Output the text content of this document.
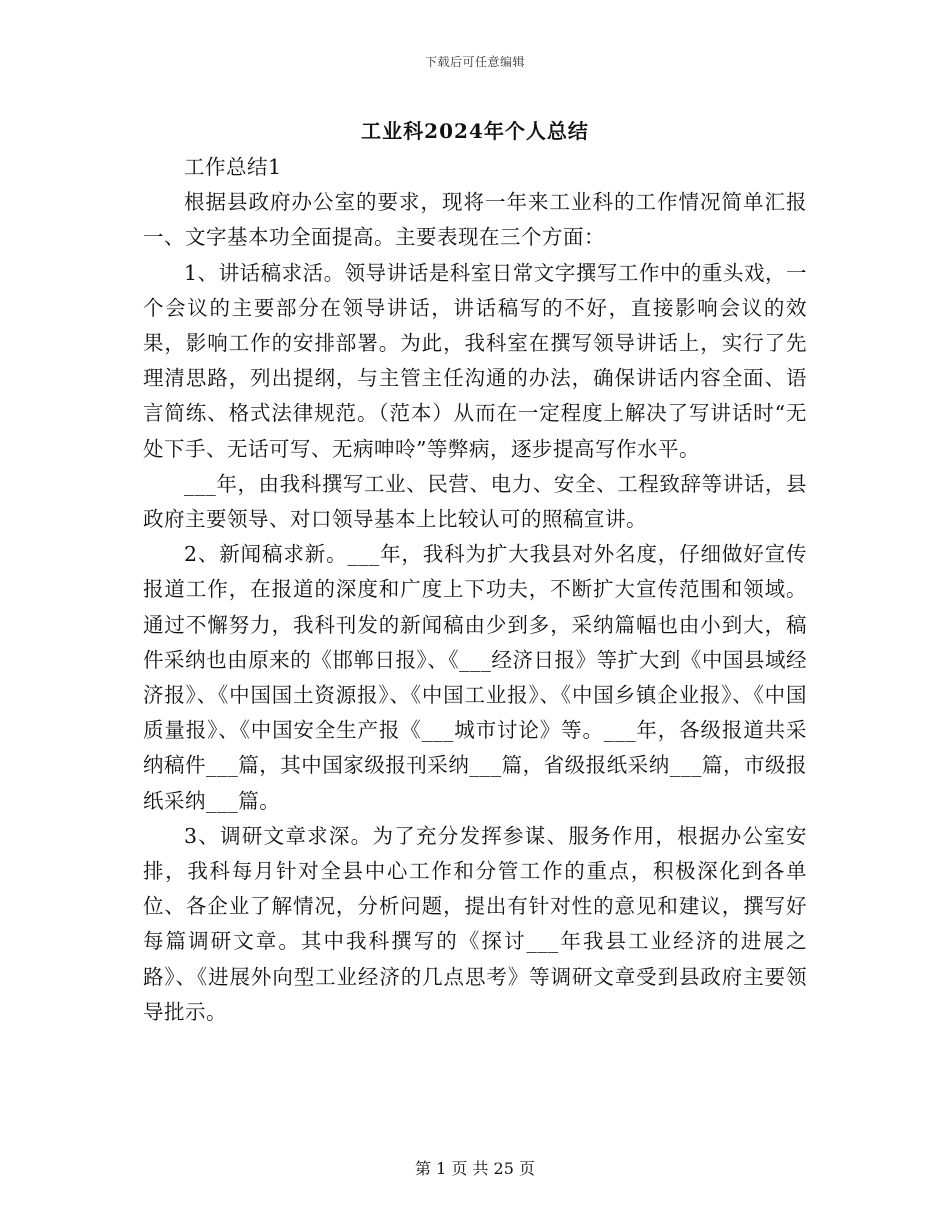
下载后可任意编辑
工业科2024年个人总结

工作总结1

根据县政府办公室的要求，现将一年来工业科的工作情况简单汇报一、文字基本功全面提高。主要表现在三个方面：

1、讲话稿求活。领导讲话是科室日常文字撰写工作中的重头戏，一个会议的主要部分在领导讲话，讲话稿写的不好，直接影响会议的效果，影响工作的安排部署。为此，我科室在撰写领导讲话上，实行了先理清思路，列出提纲，与主管主任沟通的办法，确保讲话内容全面、语言简练、格式法律规范。（范本）从而在一定程度上解决了写讲话时“无处下手、无话可写、无病呻呤”等弊病，逐步提高写作水平。

___年，由我科撰写工业、民营、电力、安全、工程致辞等讲话，县政府主要领导、对口领导基本上比较认可的照稿宣讲。

2、新闻稿求新。___年，我科为扩大我县对外名度，仔细做好宣传报道工作，在报道的深度和广度上下功夫，不断扩大宣传范围和领域。通过不懈努力，我科刊发的新闻稿由少到多，采纳篇幅也由小到大，稿件采纳也由原来的《邯郸日报》、《___经济日报》等扩大到《中国县域经济报》、《中国国土资源报》、《中国工业报》、《中国乡镇企业报》、《中国质量报》、《中国安全生产报《___城市讨论》等。___年，各级报道共采纳稿件___篇，其中国家级报刊采纳___篇，省级报纸采纳___篇，市级报纸采纳___篇。

3、调研文章求深。为了充分发挥参谋、服务作用，根据办公室安排，我科每月针对全县中心工作和分管工作的重点，积极深化到各单位、各企业了解情况，分析问题，提出有针对性的意见和建议，撰写好每篇调研文章。其中我科撰写的《探讨___年我县工业经济的进展之路》、《进展外向型工业经济的几点思考》等调研文章受到县政府主要领导批示。

第 1 页 共 25 页
